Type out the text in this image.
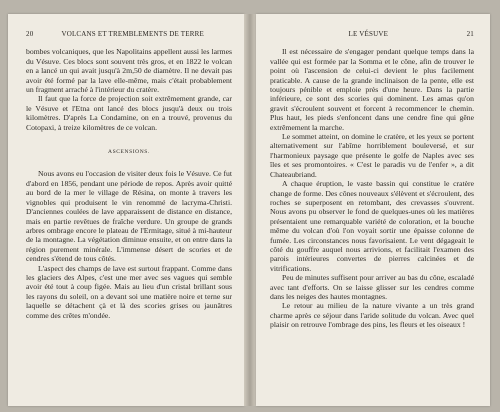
20	VOLCANS ET TREMBLEMENTS DE TERRE

bombes volcaniques, que les Napolitains appellent aussi les larmes du Vésuve. Ces blocs sont souvent très gros, et en 1822 le volcan en a lancé un qui avait jusqu'à 2m,50 de diamètre. Il ne devait pas avoir été formé par la lave elle-même, mais c'était probablement un fragment arraché à l'intérieur du cratère.

Il faut que la force de projection soit extrêmement grande, car le Vésuve et l'Etna ont lancé des blocs jusqu'à deux ou trois kilomètres. D'après La Condamine, on en a trouvé, provenus du Cotopaxi, à treize kilomètres de ce volcan.

ASCENSIONS.

Nous avons eu l'occasion de visiter deux fois le Vésuve. Ce fut d'abord en 1856, pendant une période de repos. Après avoir quitté au bord de la mer le village de Résina, on monte à travers les vignobles qui produisent le vin renommé de lacryma-Christi. D'anciennes coulées de lave apparaissent de distance en distance, mais en partie revêtues de fraîche verdure. Un groupe de grands arbres ombrage encore le plateau de l'Ermitage, situé à mi-hauteur de la montagne. La végétation diminue ensuite, et on entre dans la région purement minérale. L'immense désert de scories et de cendres s'étend de tous côtés.

L'aspect des champs de lave est surtout frappant. Comme dans les glaciers des Alpes, c'est une mer avec ses vagues qui semble avoir été tout à coup figée. Mais au lieu d'un cristal brillant sous les rayons du soleil, on a devant soi une matière noire et terne sur laquelle se détachent çà et là des scories grises ou jaunâtres comme des crêtes m'ondée.

LE VÉSUVE	21

Il est nécessaire de s'engager pendant quelque temps dans la vallée qui est formée par la Somma et le cône, afin de trouver le point où l'ascension de celui-ci devient le plus facilement praticable. A cause de la grande inclinaison de la pente, elle est toujours pénible et emploie près d'une heure. Dans la partie inférieure, ce sont des scories qui dominent. Les amas qu'on gravit s'écroulent souvent et forcent à recommencer le chemin. Plus haut, les pieds s'enfoncent dans une cendre fine qui gêne extrêmement la marche.

Le sommet atteint, on domine le cratère, et les yeux se portent alternativement sur l'abîme horriblement bouleversé, et sur l'harmonieux paysage que présente le golfe de Naples avec ses îles et ses promontoires. « C'est le paradis vu de l'enfer », a dit Chateaubriand.

A chaque éruption, le vaste bassin qui constitue le cratère change de forme. Des cônes nouveaux s'élèvent et s'écroulent, des roches se superposent en retombant, des crevasses s'ouvrent. Nous avons pu observer le fond de quelques-unes où les matières présentaient une remarquable variété de coloration, et la bouche même du volcan d'où l'on voyait sortir une épaisse colonne de fumée. Les circonstances nous favorisaient. Le vent dégageait le côté du gouffre auquel nous arrivions, et facilitait l'examen des parois intérieures convertes de pierres calcinées et de vitrifications.

Peu de minutes suffisent pour arriver au bas du cône, escaladé avec tant d'efforts. On se laisse glisser sur les cendres comme dans les neiges des hautes montagnes.

Le retour au milieu de la nature vivante a un très grand charme après ce séjour dans l'aride solitude du volcan. Avec quel plaisir on retrouve l'ombrage des pins, les fleurs et les oiseaux !
